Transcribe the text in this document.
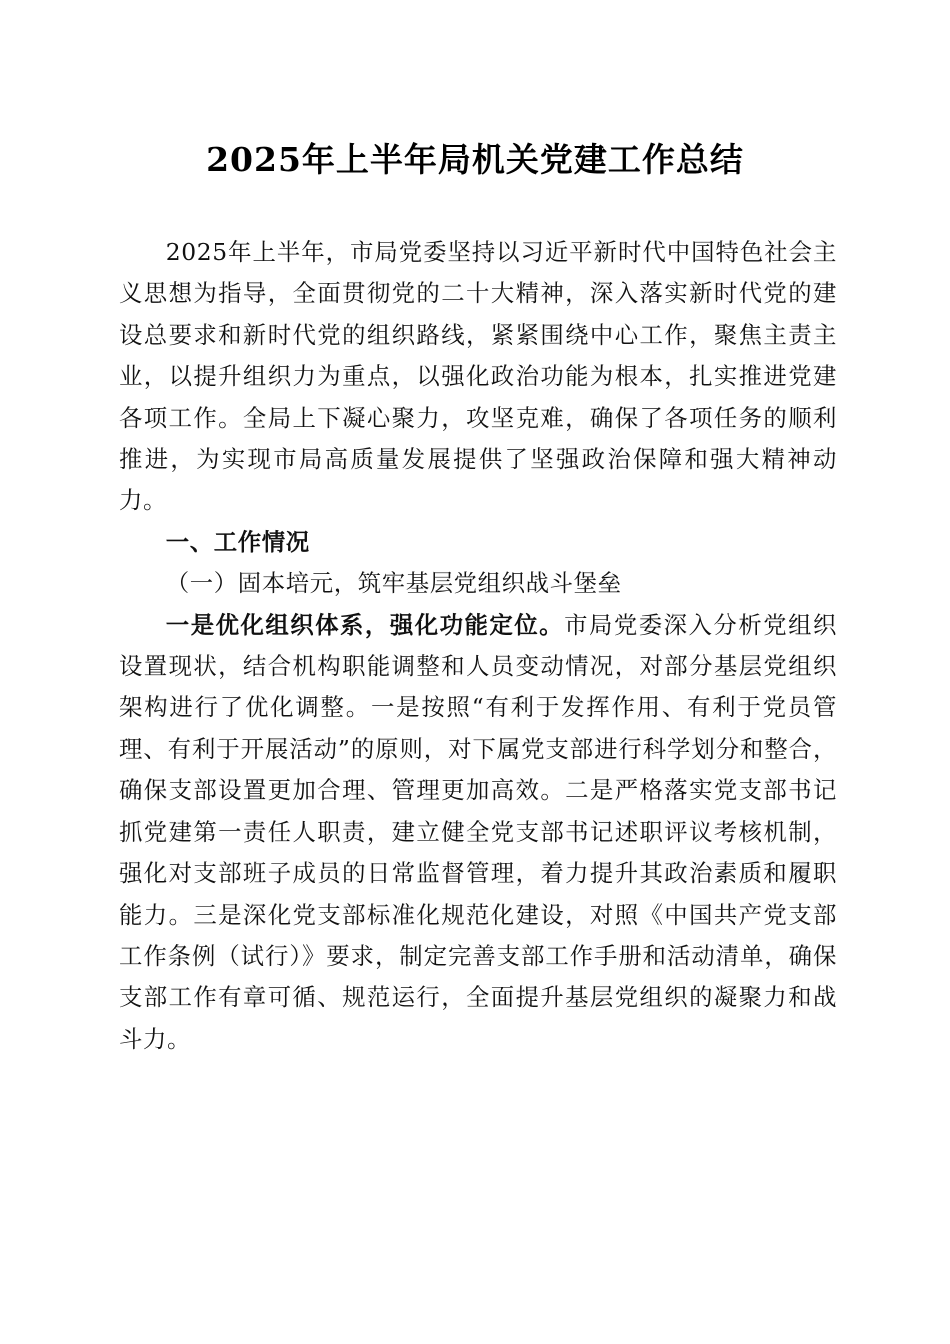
2025年上半年局机关党建工作总结

2025年上半年，市局党委坚持以习近平新时代中国特色社会主义思想为指导，全面贯彻党的二十大精神，深入落实新时代党的建设总要求和新时代党的组织路线，紧紧围绕中心工作，聚焦主责主业，以提升组织力为重点，以强化政治功能为根本，扎实推进党建各项工作。全局上下凝心聚力，攻坚克难，确保了各项任务的顺利推进，为实现市局高质量发展提供了坚强政治保障和强大精神动力。

一、工作情况

（一）固本培元，筑牢基层党组织战斗堡垒

一是优化组织体系，强化功能定位。市局党委深入分析党组织设置现状，结合机构职能调整和人员变动情况，对部分基层党组织架构进行了优化调整。一是按照“有利于发挥作用、有利于党员管理、有利于开展活动”的原则，对下属党支部进行科学划分和整合，确保支部设置更加合理、管理更加高效。二是严格落实党支部书记抓党建第一责任人职责，建立健全党支部书记述职评议考核机制，强化对支部班子成员的日常监督管理，着力提升其政治素质和履职能力。三是深化党支部标准化规范化建设，对照《中国共产党支部工作条例（试行）》要求，制定完善支部工作手册和活动清单，确保支部工作有章可循、规范运行，全面提升基层党组织的凝聚力和战斗力。
